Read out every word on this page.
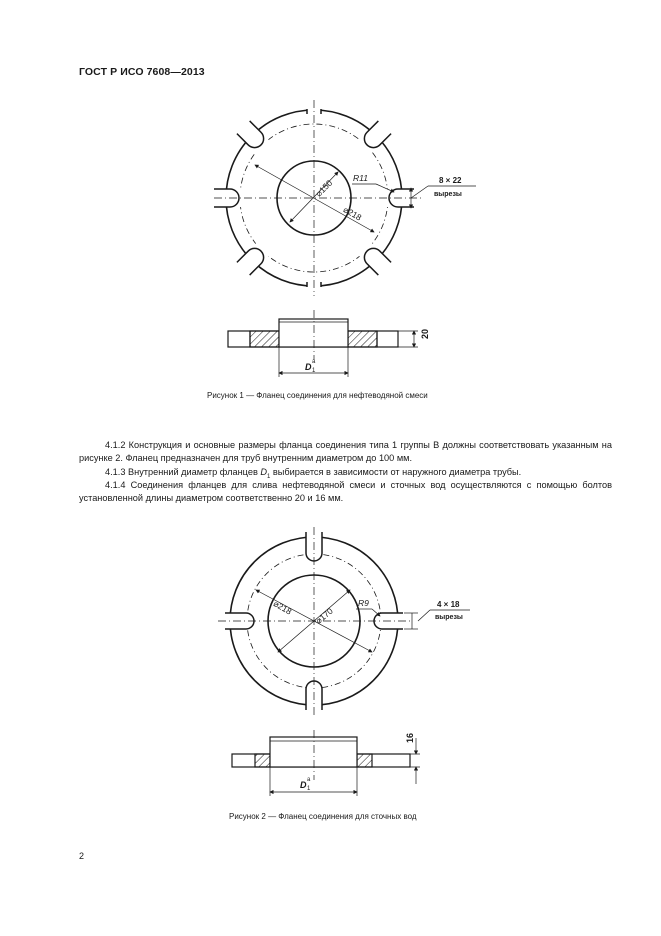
ГОСТ Р ИСО 7608—2013
⌀150
⌀218
R11	8 × 22
вырезы
20
D 1
a
⌀218 ⌀170
R9	4 × 18
вырезы
16
D 1
a
Рисунок 1 — Фланец соединения для нефтеводяной смеси
4.1.2 Конструкция и основные размеры фланца соединения типа 1 группы В должны соответствовать указанным на рисунке 2. Фланец предназначен для труб внутренним диаметром до 100 мм.
4.1.3 Внутренний диаметр фланцев $D_1$ выбирается в зависимости от наружного диаметра трубы.
4.1.4 Соединения фланцев для слива нефтеводяной смеси и сточных вод осуществляются с помощью болтов установленной длины диаметром соответственно 20 и 16 мм.
Рисунок 2 — Фланец соединения для сточных вод
2
